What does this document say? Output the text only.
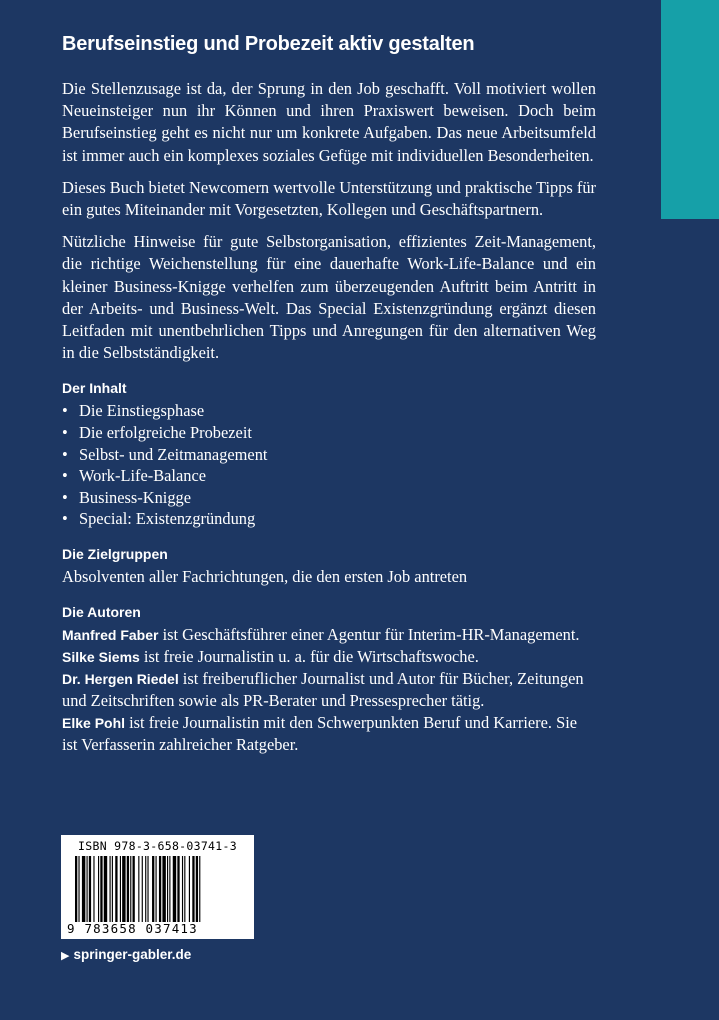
Berufseinstieg und Probezeit aktiv gestalten

Die Stellenzusage ist da, der Sprung in den Job geschafft. Voll motiviert wollen Neueinsteiger nun ihr Können und ihren Praxiswert beweisen. Doch beim Berufseinstieg geht es nicht nur um konkrete Aufgaben. Das neue Arbeitsumfeld ist immer auch ein komplexes soziales Gefüge mit individuellen Besonderheiten.

Dieses Buch bietet Newcomern wertvolle Unterstützung und praktische Tipps für ein gutes Miteinander mit Vorgesetzten, Kollegen und Geschäftspartnern.

Nützliche Hinweise für gute Selbstorganisation, effizientes Zeit-Management, die richtige Weichenstellung für eine dauerhafte Work-Life-Balance und ein kleiner Business-Knigge verhelfen zum überzeugenden Auftritt beim Antritt in der Arbeits- und Business-Welt. Das Special Existenzgründung ergänzt diesen Leitfaden mit unentbehrlichen Tipps und Anregungen für den alternativen Weg in die Selbstständigkeit.

Der Inhalt
• Die Einstiegsphase
• Die erfolgreiche Probezeit
• Selbst- und Zeitmanagement
• Work-Life-Balance
• Business-Knigge
• Special: Existenzgründung
Die Zielgruppen

Absolventen aller Fachrichtungen, die den ersten Job antreten

Die Autoren

Manfred Faber ist Geschäftsführer einer Agentur für Interim-HR-Management.

Silke Siems ist freie Journalistin u. a. für die Wirtschaftswoche.

Dr. Hergen Riedel ist freiberuflicher Journalist und Autor für Bücher, Zeitungen und Zeitschriften sowie als PR-Berater und Pressesprecher tätig.

Elke Pohl ist freie Journalistin mit den Schwerpunkten Beruf und Karriere. Sie ist Verfasserin zahlreicher Ratgeber.

ISBN 978-3-658-03741-3
9 783658 037413
▶ springer-gabler.de
